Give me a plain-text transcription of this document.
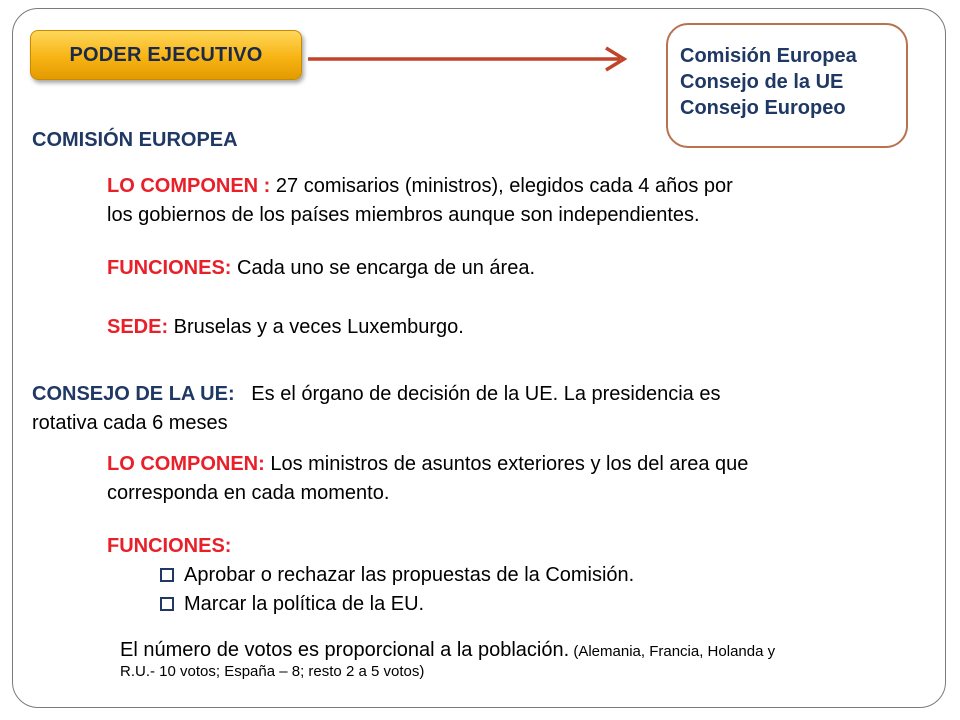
PODER EJECUTIVO	Comisión Europea
Consejo de la UE
Consejo Europeo
COMISIÓN EUROPEA
LO COMPONEN : 27 comisarios (ministros), elegidos cada 4 años por
los gobiernos de los países miembros aunque son independientes.
FUNCIONES: Cada uno se encarga de un área.
SEDE: Bruselas y a veces Luxemburgo.
CONSEJO DE LA UE:   Es el órgano de decisión de la UE. La presidencia es
rotativa cada 6 meses
LO COMPONEN: Los ministros de asuntos exteriores y los del area que
corresponda en cada momento.
FUNCIONES:
Aprobar o rechazar las propuestas de la Comisión.
Marcar la política de la EU.
El número de votos es proporcional a la población. (Alemania, Francia, Holanda y
R.U.- 10 votos; España – 8; resto 2 a 5 votos)
